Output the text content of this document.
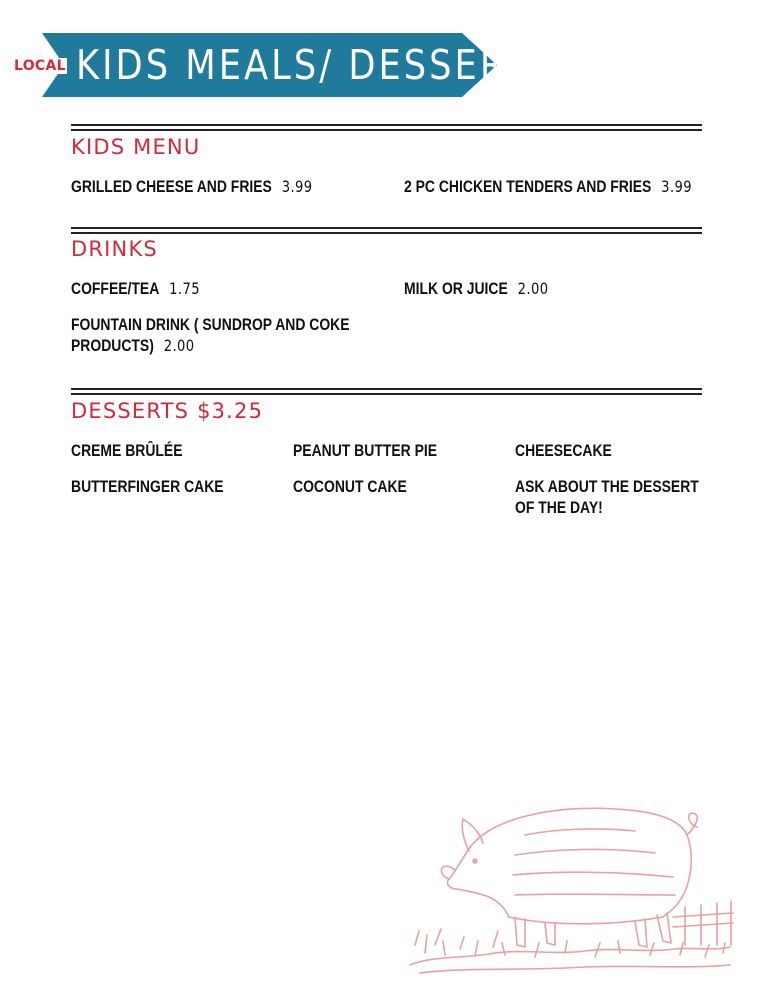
KIDS MEALS/ DESSERT
LOCAL
KIDS MENU
GRILLED CHEESE AND FRIES 3.99	2 PC CHICKEN TENDERS AND FRIES 3.99
DRINKS
COFFEE/TEA 1.75	MILK OR JUICE 2.00
FOUNTAIN DRINK ( SUNDROP AND COKE
PRODUCTS) 2.00
DESSERTS $3.25
CREME BRÛLÉE	PEANUT BUTTER PIE	CHEESECAKE
BUTTERFINGER CAKE	COCONUT CAKE	ASK ABOUT THE DESSERT
OF THE DAY!
